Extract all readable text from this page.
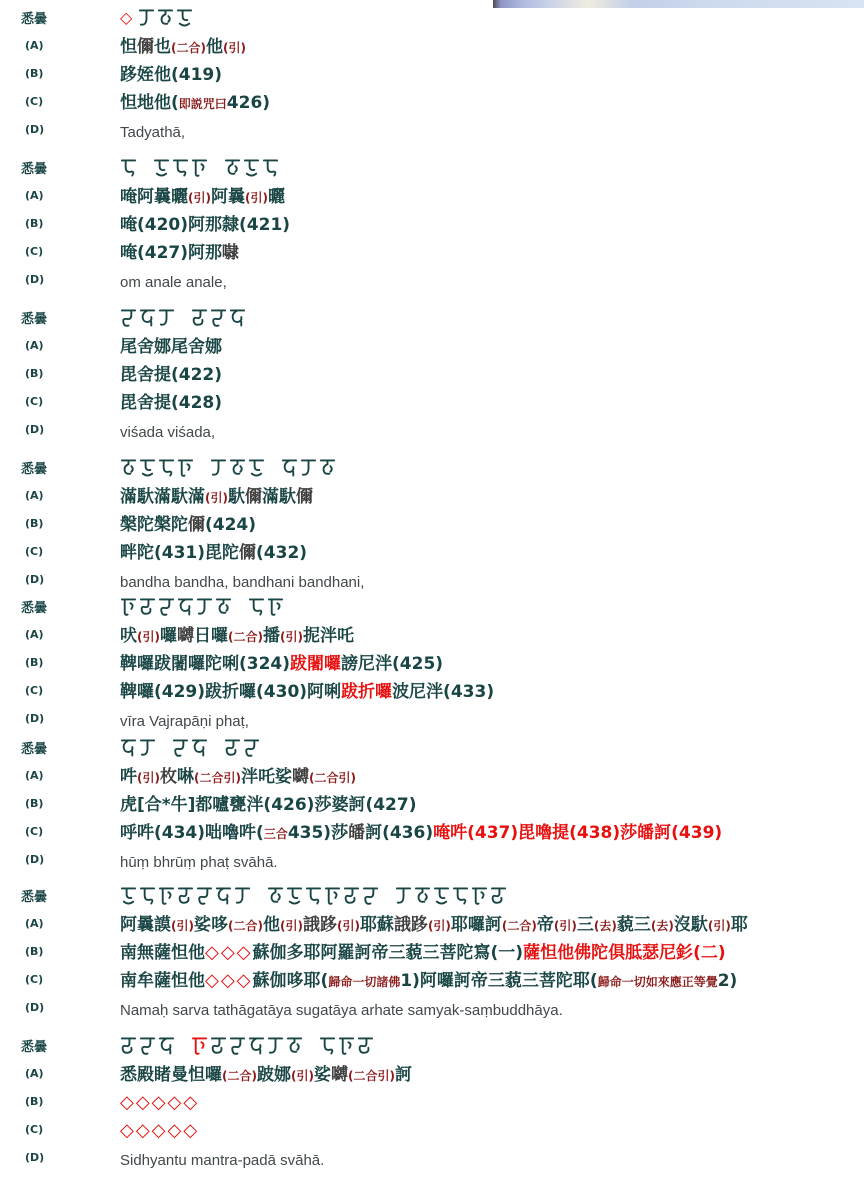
悉曇
(A)
(B)
(C)
(D)
◇
怛儞也(二合)他(引)
跢姪他(419)
怛地他(即説咒曰426)
Tadyathā,
悉曇
(A)
(B)
(C)
(D)
唵阿曩曬(引)阿曩(引)曬
唵(420)阿那隸(421)
唵(427)阿那㘑
om anale anale,
悉曇
(A)
(B)
(C)
(D)
尾舍娜尾舍娜
毘舍提(422)
毘舍提(428)
viśada viśada,
悉曇
(A)
(B)
(C)
(D)
滿馱滿馱滿(引)馱儞滿馱儞
槃陀槃陀儞(424)
畔陀(431)毘陀儞(432)
bandha bandha, bandhani bandhani,
悉曇
(A)
(B)
(C)
(D)
吠(引)囉嚩日囉(二合)播(引)抳泮吒
鞞囉跋闍囉陀唎(324)跋闍囉謗尼泮(425)
鞞囉(429)跋折囉(430)阿唎跋折囉波尼泮(433)
vīra Vajrapāṇi phaṭ,
悉曇
(A)
(B)
(C)
(D)
吽(引)枚啉(二合引)泮吒娑嚩(二合引)
虎[合*牛]都嚧甕泮(426)莎婆訶(427)
呼吽(434)咄嚕吽(三合435)莎皤訶(436)唵吽(437)毘嚕提(438)莎皤訶(439)
hūṃ bhrūṃ phaṭ svāhā.
悉曇
(A)
(B)
(C)
(D)
阿曩謨(引)娑哆(二合)他(引)誐跢(引)耶蘇誐跢(引)耶囉訶(二合)帝(引)三(去)藐三(去)沒馱(引)耶
南無薩怛他◇◇◇蘇伽多耶阿羅訶帝三藐三菩陀寫(一)薩怛他佛陀俱胝瑟尼釤(二)
南牟薩怛他◇◇◇蘇伽哆耶(歸命一切諸佛1)阿囉訶帝三藐三菩陀耶(歸命一切如來應正等覺2)
Namaḥ sarva tathāgatāya sugatāya arhate samyak-saṃbuddhāya.
悉曇
(A)
(B)
(C)
(D)
悉殿睹曼怛囉(二合)跛娜(引)娑嚩(二合引)訶
◇◇◇◇◇
◇◇◇◇◇
Sidhyantu mantra-padā svāhā.
